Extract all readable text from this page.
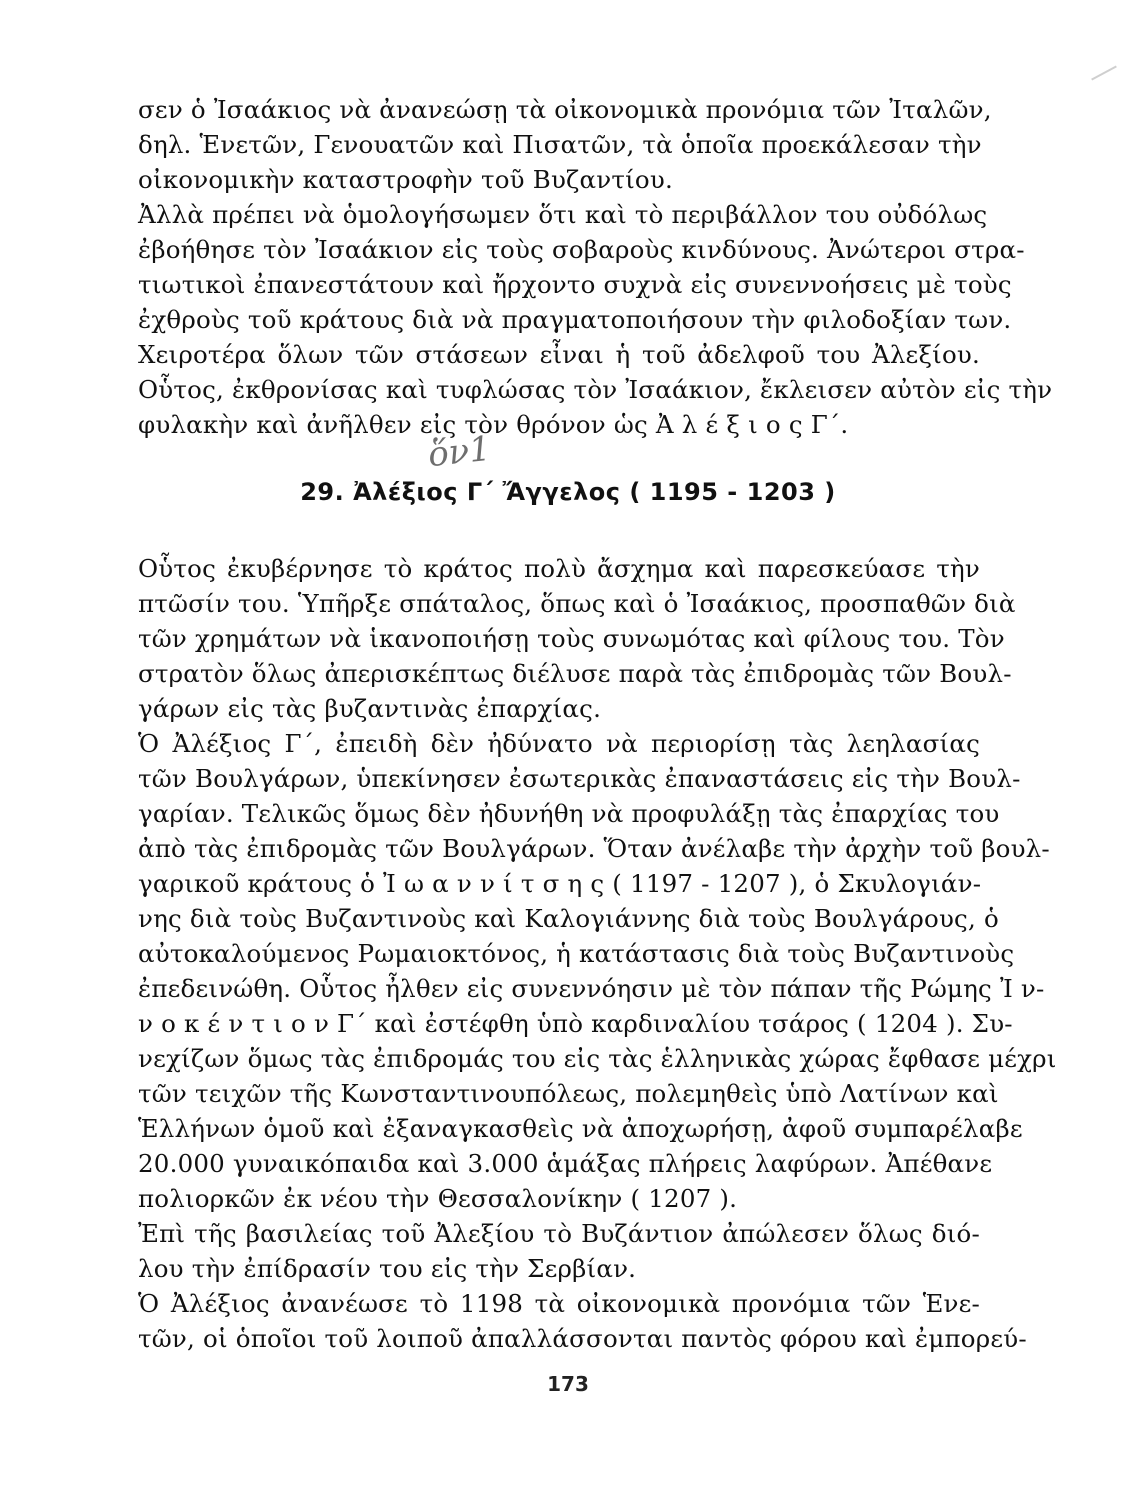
σεν ὁ Ἰσαάκιος νὰ ἀνανεώσῃ τὰ οἰκονομικὰ προνόμια τῶν Ἰταλῶν,
δηλ. Ἑνετῶν, Γενουατῶν καὶ Πισατῶν, τὰ ὁποῖα προεκάλεσαν τὴν
οἰκονομικὴν καταστροφὴν τοῦ Βυζαντίου.
Ἀλλὰ πρέπει νὰ ὁμολογήσωμεν ὅτι καὶ τὸ περιβάλλον του οὐδόλως
ἐβοήθησε τὸν Ἰσαάκιον εἰς τοὺς σοβαροὺς κινδύνους. Ἀνώτεροι στρα-
τιωτικοὶ ἐπανεστάτουν καὶ ἤρχοντο συχνὰ εἰς συνεννοήσεις μὲ τοὺς
ἐχθροὺς τοῦ κράτους διὰ νὰ πραγματοποιήσουν τὴν φιλοδοξίαν των.
Χειροτέρα ὅλων τῶν στάσεων εἶναι ἡ τοῦ ἀδελφοῦ του Ἀλεξίου.
Οὗτος, ἐκθρονίσας καὶ τυφλώσας τὸν Ἰσαάκιον, ἔκλεισεν αὐτὸν εἰς τὴν
φυλακὴν καὶ ἀνῆλθεν εἰς τὸν θρόνον ὡς Ἀ λ έ ξ ι ο ς Γ΄.
ὅν1
29. Ἀλέξιος Γ΄ Ἄγγελος ( 1195 - 1203 )
Οὗτος ἐκυβέρνησε τὸ κράτος πολὺ ἄσχημα καὶ παρεσκεύασε τὴν
πτῶσίν του. Ὑπῆρξε σπάταλος, ὅπως καὶ ὁ Ἰσαάκιος, προσπαθῶν διὰ
τῶν χρημάτων νὰ ἱκανοποιήσῃ τοὺς συνωμότας καὶ φίλους του. Τὸν
στρατὸν ὅλως ἀπερισκέπτως διέλυσε παρὰ τὰς ἐπιδρομὰς τῶν Βουλ-
γάρων εἰς τὰς βυζαντινὰς ἐπαρχίας.
Ὁ Ἀλέξιος Γ΄, ἐπειδὴ δὲν ἠδύνατο νὰ περιορίσῃ τὰς λεηλασίας
τῶν Βουλγάρων, ὑπεκίνησεν ἐσωτερικὰς ἐπαναστάσεις εἰς τὴν Βουλ-
γαρίαν. Τελικῶς ὅμως δὲν ἠδυνήθη νὰ προφυλάξῃ τὰς ἐπαρχίας του
ἀπὸ τὰς ἐπιδρομὰς τῶν Βουλγάρων. Ὅταν ἀνέλαβε τὴν ἀρχὴν τοῦ βουλ-
γαρικοῦ κράτους ὁ Ἰ ω α ν ν ί τ σ η ς ( 1197 - 1207 ), ὁ Σκυλογιάν-
νης διὰ τοὺς Βυζαντινοὺς καὶ Καλογιάννης διὰ τοὺς Βουλγάρους, ὁ
αὐτοκαλούμενος Ρωμαιοκτόνος, ἡ κατάστασις διὰ τοὺς Βυζαντινοὺς
ἐπεδεινώθη. Οὗτος ἦλθεν εἰς συνεννόησιν μὲ τὸν πάπαν τῆς Ρώμης Ἰ ν-
ν ο κ έ ν τ ι ο ν Γ΄ καὶ ἐστέφθη ὑπὸ καρδιναλίου τσάρος ( 1204 ). Συ-
νεχίζων ὅμως τὰς ἐπιδρομάς του εἰς τὰς ἑλληνικὰς χώρας ἔφθασε μέχρι
τῶν τειχῶν τῆς Κωνσταντινουπόλεως, πολεμηθεὶς ὑπὸ Λατίνων καὶ
Ἑλλήνων ὁμοῦ καὶ ἐξαναγκασθεὶς νὰ ἀποχωρήσῃ, ἀφοῦ συμπαρέλαβε
20.000 γυναικόπαιδα καὶ 3.000 ἁμάξας πλήρεις λαφύρων. Ἀπέθανε
πολιορκῶν ἐκ νέου τὴν Θεσσαλονίκην ( 1207 ).
Ἐπὶ τῆς βασιλείας τοῦ Ἀλεξίου τὸ Βυζάντιον ἀπώλεσεν ὅλως διό-
λου τὴν ἐπίδρασίν του εἰς τὴν Σερβίαν.
Ὁ Ἀλέξιος ἀνανέωσε τὸ 1198 τὰ οἰκονομικὰ προνόμια τῶν Ἑνε-
τῶν, οἱ ὁποῖοι τοῦ λοιποῦ ἀπαλλάσσονται παντὸς φόρου καὶ ἐμπορεύ-
173
